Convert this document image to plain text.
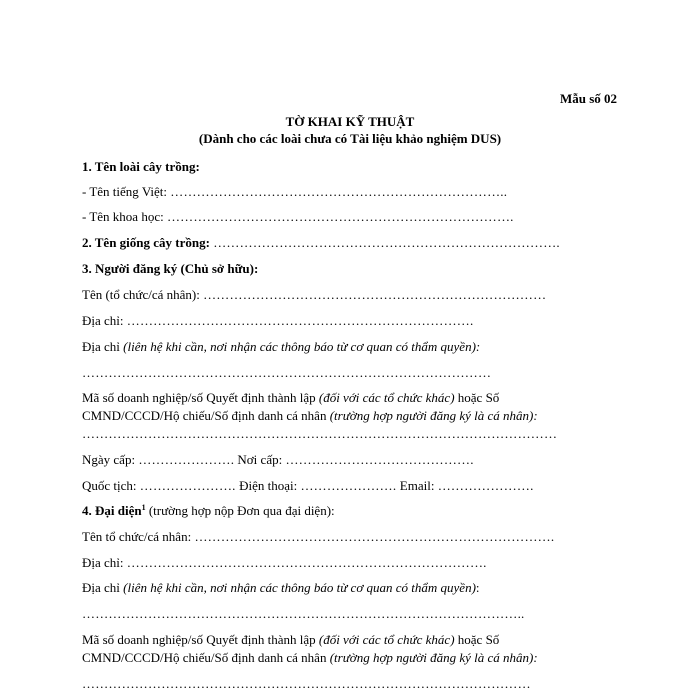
Mẫu số 02
TỜ KHAI KỸ THUẬT
(Dành cho các loài chưa có Tài liệu khảo nghiệm DUS)
1. Tên loài cây trồng:
- Tên tiếng Việt: …………………………………………………………………..
- Tên khoa học: …………………………………………………………………….
2. Tên giống cây trồng: …………………………………………………………………….
3. Người đăng ký (Chủ sở hữu):
Tên (tổ chức/cá nhân): ……………………………………………………………………
Địa chỉ: …………………………………………………………………….
Địa chỉ (liên hệ khi cần, nơi nhận các thông báo từ cơ quan có thẩm quyền):
…………………………………………………………………………………
Mã số doanh nghiệp/số Quyết định thành lập (đối với các tổ chức khác) hoặc Số
CMND/CCCD/Hộ chiếu/Số định danh cá nhân (trường hợp người đăng ký là cá nhân):
………………………………………………………………………………………………
Ngày cấp: …………………. Nơi cấp: …………………………………….
Quốc tịch: …………………. Điện thoại: …………………. Email: ………………….
4. Đại diện$^1$ (trường hợp nộp Đơn qua đại diện):
Tên tổ chức/cá nhân: ……………………………………………………………………….
Địa chỉ: ……………………………………………………………………….
Địa chỉ (liên hệ khi cần, nơi nhận các thông báo từ cơ quan có thẩm quyền):
………………………………………………………………………………………..
Mã số doanh nghiệp/số Quyết định thành lập (đối với các tổ chức khác) hoặc Số
CMND/CCCD/Hộ chiếu/Số định danh cá nhân (trường hợp người đăng ký là cá nhân):
…………………………………………………………………………………………
